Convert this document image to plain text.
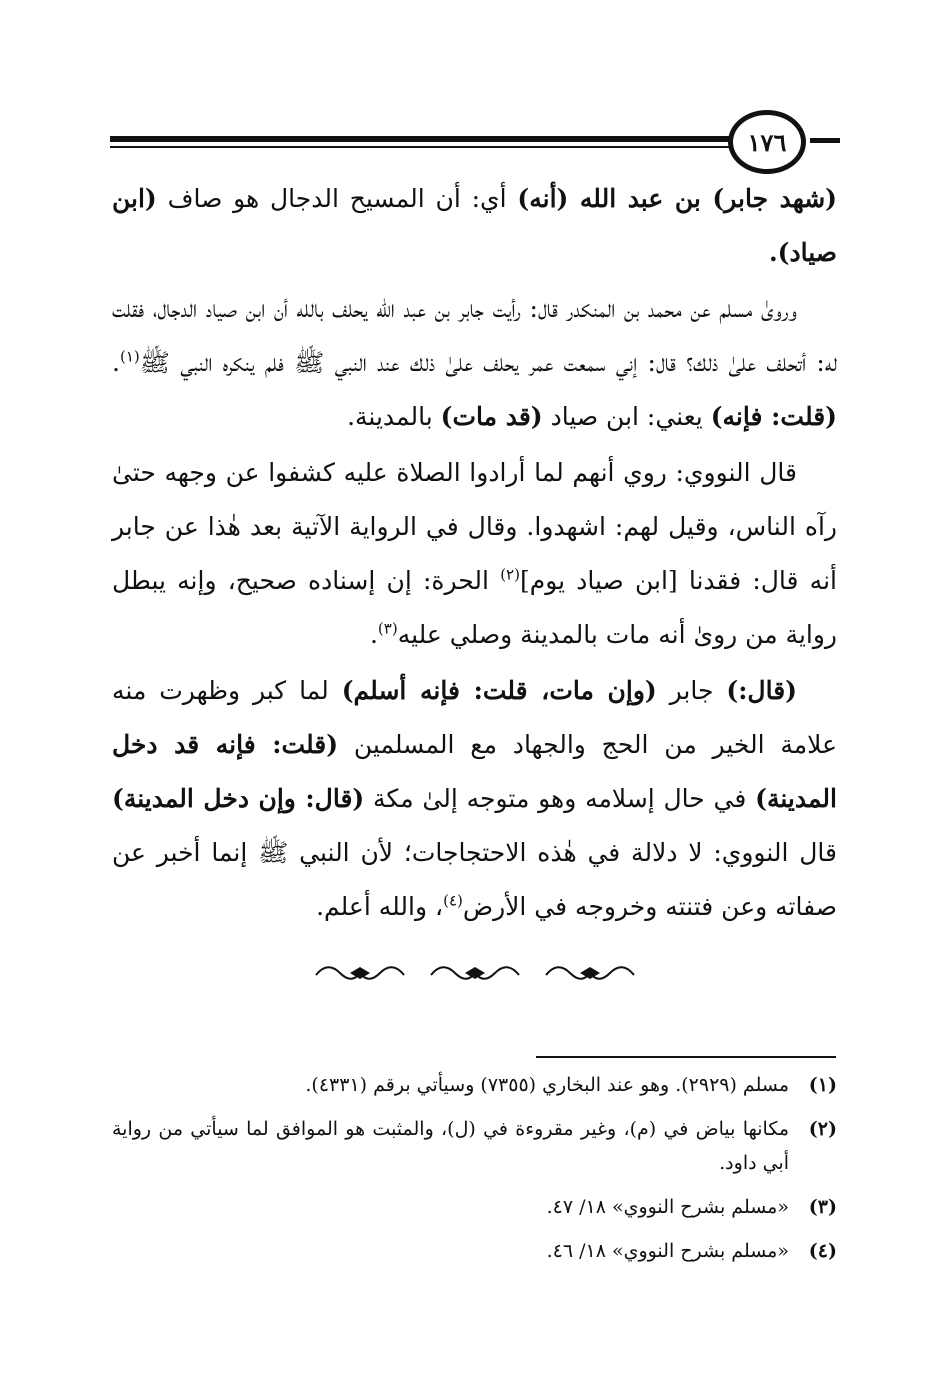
١٧٦

(شهد جابر) بن عبد الله (أنه) أي: أن المسيح الدجال هو صاف (ابن صياد).

وروىٰ مسلم عن محمد بن المنكدر قال: رأيت جابر بن عبد الله يحلف بالله أن ابن صياد الدجال، فقلت له: أتحلف علىٰ ذلك؟ قال: إني سمعت عمر يحلف علىٰ ذلك عند النبي ﷺ فلم ينكره النبي ﷺ$^{(١)}$. (قلت: فإنه) يعني: ابن صياد (قد مات) بالمدينة.

قال النووي: روي أنهم لما أرادوا الصلاة عليه كشفوا عن وجهه حتىٰ رآه الناس، وقيل لهم: اشهدوا. وقال في الرواية الآتية بعد هٰذا عن جابر أنه قال: فقدنا [ابن صياد يوم]$^{(٢)}$ الحرة: إن إسناده صحيح، وإنه يبطل رواية من روىٰ أنه مات بالمدينة وصلي عليه$^{(٣)}$.

(قال:) جابر (وإن مات، قلت: فإنه أسلم) لما كبر وظهرت منه علامة الخير من الحج والجهاد مع المسلمين (قلت: فإنه قد دخل المدينة) في حال إسلامه وهو متوجه إلىٰ مكة (قال: وإن دخل المدينة) قال النووي: لا دلالة في هٰذه الاحتجاجات؛ لأن النبي ﷺ إنما أخبر عن صفاته وعن فتنته وخروجه في الأرض$^{(٤)}$، والله أعلم.

(١)
مسلم (٢٩٢٩). وهو عند البخاري (٧٣٥٥) وسيأتي برقم (٤٣٣١).
(٢)
مكانها بياض في (م)، وغير مقروءة في (ل)، والمثبت هو الموافق لما سيأتي من رواية أبي داود.
(٣)
«مسلم بشرح النووي» ١٨/ ٤٧.
(٤)
«مسلم بشرح النووي» ١٨/ ٤٦.
